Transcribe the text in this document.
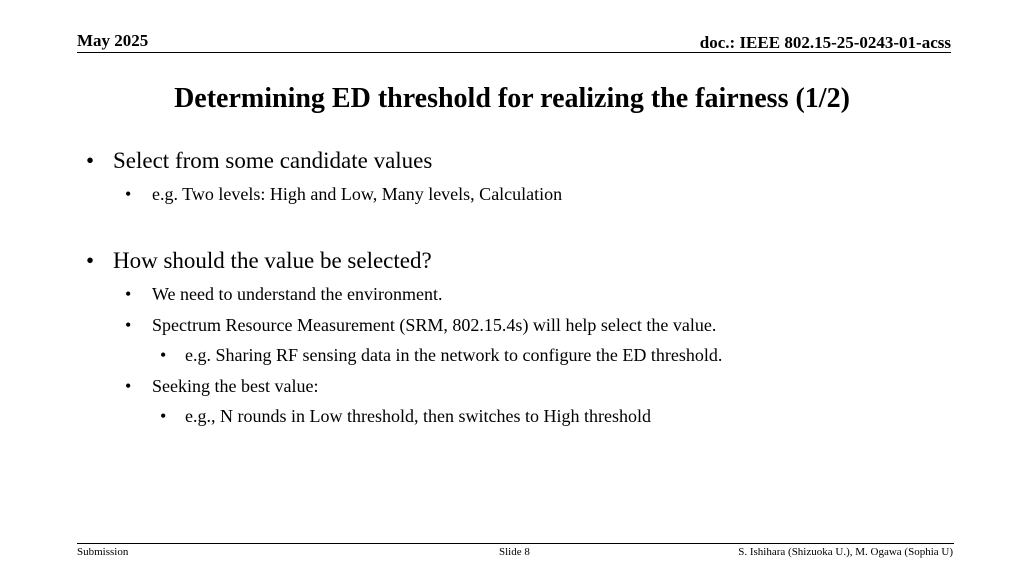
May 2025	doc.: IEEE 802.15-25-0243-01-acss
Determining ED threshold for realizing the fairness (1/2)
• Select from some candidate values
• e.g. Two levels: High and Low, Many levels, Calculation
• How should the value be selected?
• We need to understand the environment.
• Spectrum Resource Measurement (SRM, 802.15.4s) will help select the value.
• e.g. Sharing RF sensing data in the network to configure the ED threshold.
• Seeking the best value:
• e.g., N rounds in Low threshold, then switches to High threshold
Submission	Slide 8	S. Ishihara (Shizuoka U.), M. Ogawa (Sophia U)
